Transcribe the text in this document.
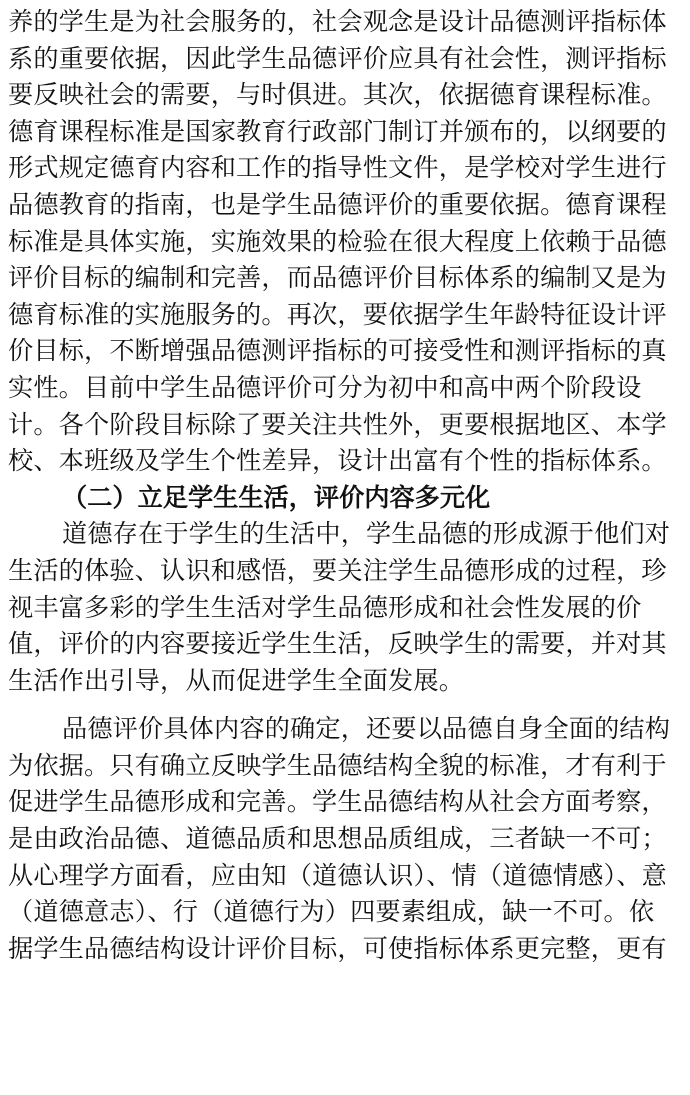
养的学生是为社会服务的，社会观念是设计品德测评指标体
系的重要依据，因此学生品德评价应具有社会性，测评指标
要反映社会的需要，与时俱进。其次，依据德育课程标准。
德育课程标准是国家教育行政部门制订并颁布的，以纲要的
形式规定德育内容和工作的指导性文件，是学校对学生进行
品德教育的指南，也是学生品德评价的重要依据。德育课程
标准是具体实施，实施效果的检验在很大程度上依赖于品德
评价目标的编制和完善，而品德评价目标体系的编制又是为
德育标准的实施服务的。再次，要依据学生年龄特征设计评
价目标，不断增强品德测评指标的可接受性和测评指标的真
实性。目前中学生品德评价可分为初中和高中两个阶段设
计。各个阶段目标除了要关注共性外，更要根据地区、本学
校、本班级及学生个性差异，设计出富有个性的指标体系。
（二）立足学生生活，评价内容多元化
道德存在于学生的生活中，学生品德的形成源于他们对
生活的体验、认识和感悟，要关注学生品德形成的过程，珍
视丰富多彩的学生生活对学生品德形成和社会性发展的价
值，评价的内容要接近学生生活，反映学生的需要，并对其
生活作出引导，从而促进学生全面发展。
品德评价具体内容的确定，还要以品德自身全面的结构
为依据。只有确立反映学生品德结构全貌的标准，才有利于
促进学生品德形成和完善。学生品德结构从社会方面考察，
是由政治品德、道德品质和思想品质组成，三者缺一不可；
从心理学方面看，应由知（道德认识）、情（道德情感）、意
（道德意志）、行（道德行为）四要素组成，缺一不可。依
据学生品德结构设计评价目标，可使指标体系更完整，更有
